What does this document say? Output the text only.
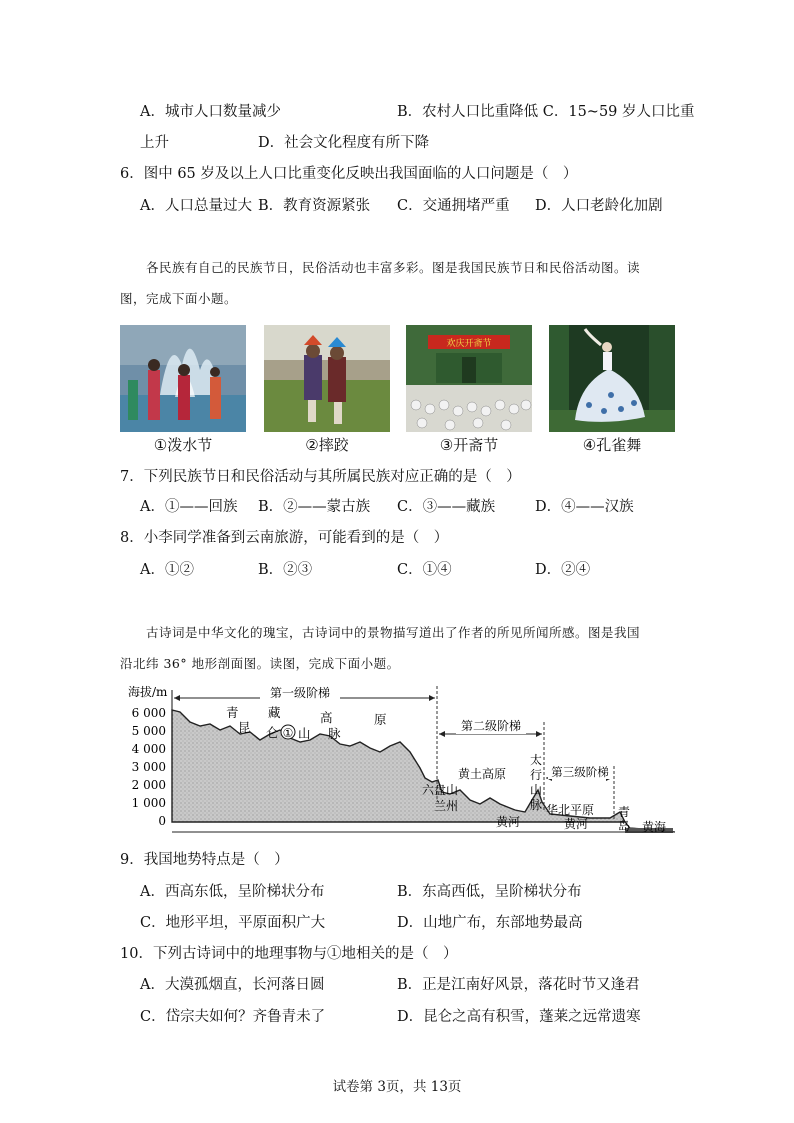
A．城市人口数量减少	B．农村人口比重降低 C．15~59 岁人口比重
上升	D．社会文化程度有所下降
6．图中 65 岁及以上人口比重变化反映出我国面临的人口问题是（　）
A．人口总量过大 B．教育资源紧张 C．交通拥堵严重 D．人口老龄化加剧
各民族有自己的民族节日，民俗活动也丰富多彩。图是我国民族节日和民俗活动图。读
图，完成下面小题。
①泼水节	②摔跤
欢庆开斋节
③开斋节	④孔雀舞
7．下列民族节日和民俗活动与其所属民族对应正确的是（　）
A．①——回族 B．②——蒙古族 C．③——藏族	D．④——汉族
8．小李同学准备到云南旅游，可能看到的是（　）
A．①②	B．②③	C．①④	D．②④
古诗词是中华文化的瑰宝，古诗词中的景物描写道出了作者的所见所闻所感。图是我国
沿北纬 36° 地形剖面图。读图，完成下面小题。
海拔/m
6 000
5 000
4 000
3 000
2 000
1 000
0
第一级阶梯
第二级阶梯
第三级阶梯
青 藏	高	原
昆 仑 山 脉
①
黄土高原
六盘山
兰州
黄河
太
行
山
脉 华北平原
黄河
青
岛 黄海
9．我国地势特点是（　）
A．西高东低，呈阶梯状分布	B．东高西低，呈阶梯状分布
C．地形平坦，平原面积广大	D．山地广布，东部地势最高
10．下列古诗词中的地理事物与①地相关的是（　）
A．大漠孤烟直，长河落日圆	B．正是江南好风景，落花时节又逢君
C．岱宗夫如何？齐鲁青未了	D．昆仑之高有积雪，蓬莱之远常遗寒
试卷第 3页，共 13页
